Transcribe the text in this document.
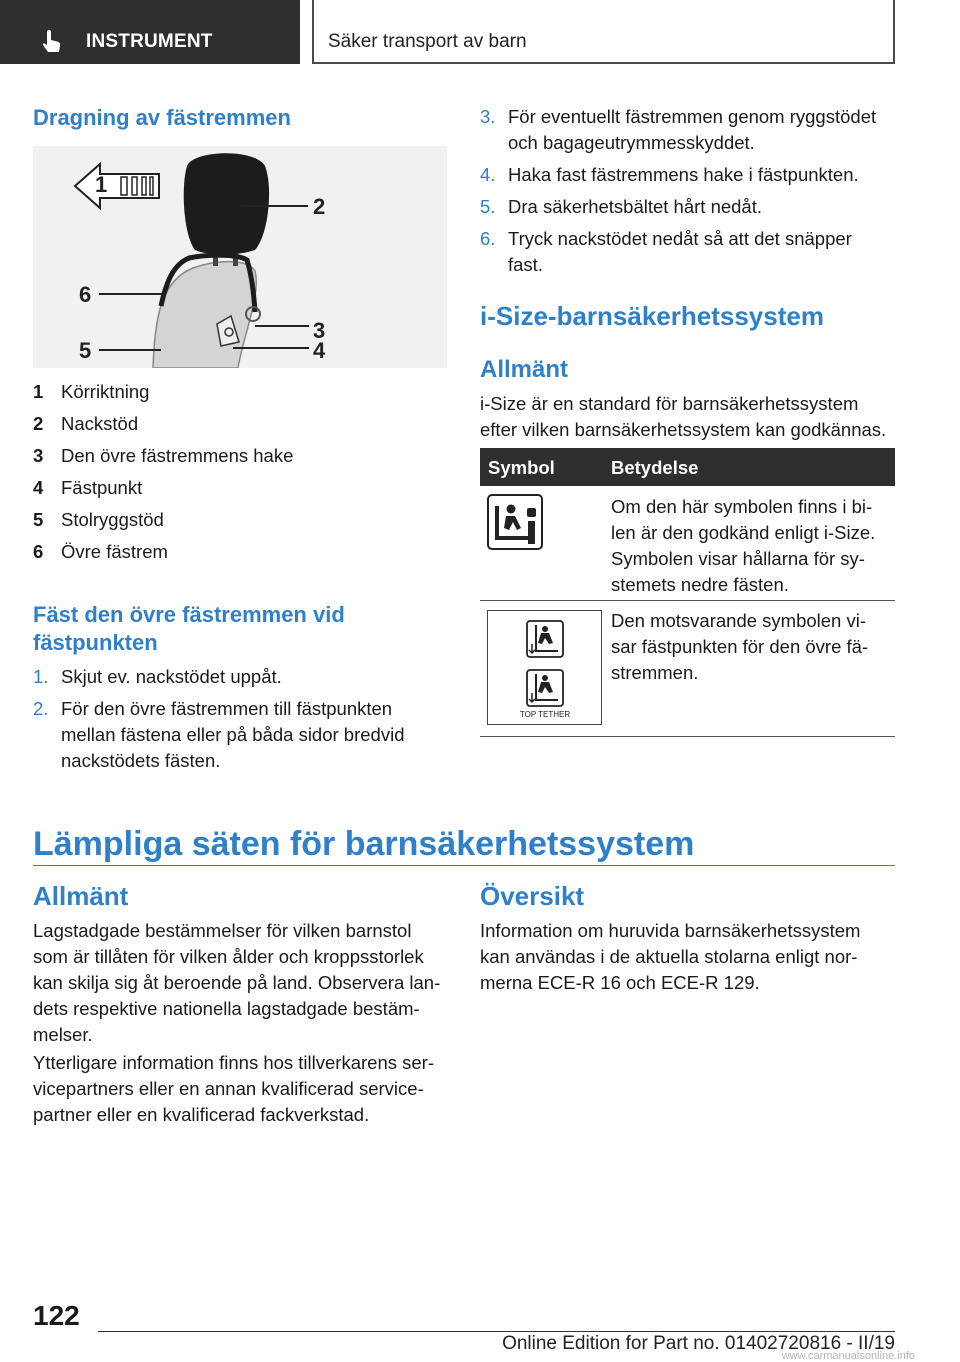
INSTRUMENT	Säker transport av barn
Dragning av fästremmen
1
2
3
4
5
6
1 Körriktning
2 Nackstöd
3 Den övre fästremmens hake
4 Fästpunkt
5 Stolryggstöd
6 Övre fästrem
Fäst den övre fästremmen vid
fästpunkten
1. Skjut ev. nackstödet uppåt.
2. För den övre fästremmen till fästpunkten
mellan fästena eller på båda sidor bredvid
nackstödets fästen.
3. För eventuellt fästremmen genom ryggstödet
och bagageutrymmesskyddet.
4. Haka fast fästremmens hake i fästpunkten.
5. Dra säkerhetsbältet hårt nedåt.
6. Tryck nackstödet nedåt så att det snäpper
fast.
i-Size-barnsäkerhetssystem
Allmänt
i-Size är en standard för barnsäkerhetssystem
efter vilken barnsäkerhetssystem kan godkännas.
Symbol	Betydelse
Om den här symbolen finns i bi-
len är den godkänd enligt i-Size.
Symbolen visar hållarna för sy-
stemets nedre fästen.
TOP TETHER
Den motsvarande symbolen vi-
sar fästpunkten för den övre fä-
stremmen.
Lämpliga säten för barnsäkerhetssystem
Allmänt
Lagstadgade bestämmelser för vilken barnstol
som är tillåten för vilken ålder och kroppsstorlek
kan skilja sig åt beroende på land. Observera lan-
dets respektive nationella lagstadgade bestäm-
melser.
Ytterligare information finns hos tillverkarens ser-
vicepartners eller en annan kvalificerad service-
partner eller en kvalificerad fackverkstad.
Översikt
Information om huruvida barnsäkerhetssystem
kan användas i de aktuella stolarna enligt nor-
merna ECE-R 16 och ECE-R 129.
122
Online Edition for Part no. 01402720816 - II/19
www.carmanualsonline.info
